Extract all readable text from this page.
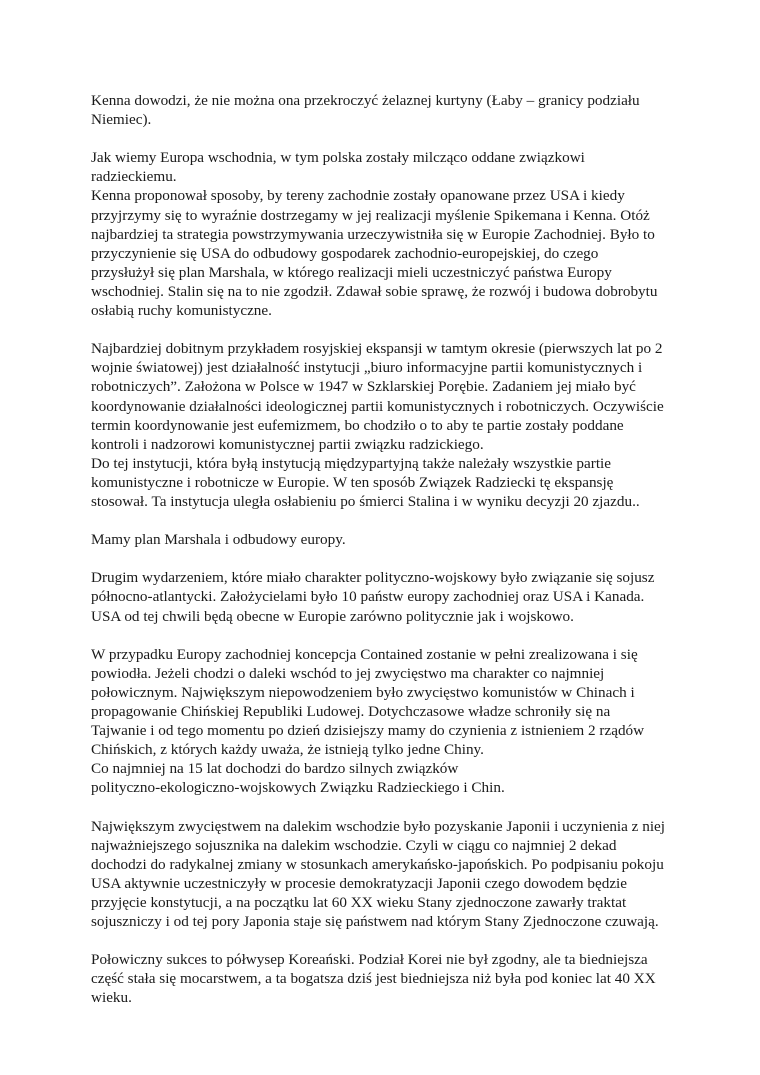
Kenna dowodzi, że nie można ona przekroczyć żelaznej kurtyny (Łaby – granicy podziału
Niemiec).
Jak wiemy Europa wschodnia, w tym polska zostały milcząco oddane związkowi
radzieckiemu.
Kenna proponował sposoby, by tereny zachodnie zostały opanowane przez USA i kiedy
przyjrzymy się to wyraźnie dostrzegamy w jej realizacji myślenie Spikemana i Kenna. Otóż
najbardziej ta strategia powstrzymywania urzeczywistniła się w Europie Zachodniej. Było to
przyczynienie się USA do odbudowy gospodarek zachodnio-europejskiej, do czego
przysłużył się plan Marshala, w którego realizacji mieli uczestniczyć państwa Europy
wschodniej. Stalin się na to nie zgodził. Zdawał sobie sprawę, że rozwój i budowa dobrobytu
osłabią ruchy komunistyczne.
Najbardziej dobitnym przykładem rosyjskiej ekspansji w tamtym okresie (pierwszych lat po 2
wojnie światowej) jest działalność instytucji „biuro informacyjne partii komunistycznych i
robotniczych”. Założona w Polsce w 1947 w Szklarskiej Porębie. Zadaniem jej miało być
koordynowanie działalności ideologicznej partii komunistycznych i robotniczych. Oczywiście
termin koordynowanie jest eufemizmem, bo chodziło o to aby te partie zostały poddane
kontroli i nadzorowi komunistycznej partii związku radzickiego.
Do tej instytucji, która byłą instytucją międzypartyjną także należały wszystkie partie
komunistyczne i robotnicze w Europie. W ten sposób Związek Radziecki tę ekspansję
stosował. Ta instytucja uległa osłabieniu po śmierci Stalina i w wyniku decyzji 20 zjazdu..
Mamy plan Marshala i odbudowy europy.
Drugim wydarzeniem, które miało charakter polityczno-wojskowy było związanie się sojusz
północno-atlantycki. Założycielami było 10 państw europy zachodniej oraz USA i Kanada.
USA od tej chwili będą obecne w Europie zarówno politycznie jak i wojskowo.
W przypadku Europy zachodniej koncepcja Contained zostanie w pełni zrealizowana i się
powiodła. Jeżeli chodzi o daleki wschód to jej zwycięstwo ma charakter co najmniej
połowicznym. Największym niepowodzeniem było zwycięstwo komunistów w Chinach i
propagowanie Chińskiej Republiki Ludowej. Dotychczasowe władze schroniły się na
Tajwanie i od tego momentu po dzień dzisiejszy mamy do czynienia z istnieniem 2 rządów
Chińskich, z których każdy uważa, że istnieją tylko jedne Chiny.
Co najmniej na 15 lat dochodzi do bardzo silnych związków
polityczno-ekologiczno-wojskowych Związku Radzieckiego i Chin.
Największym zwycięstwem na dalekim wschodzie było pozyskanie Japonii i uczynienia z niej
najważniejszego sojusznika na dalekim wschodzie. Czyli w ciągu co najmniej 2 dekad
dochodzi do radykalnej zmiany w stosunkach amerykańsko-japońskich. Po podpisaniu pokoju
USA aktywnie uczestniczyły w procesie demokratyzacji Japonii czego dowodem będzie
przyjęcie konstytucji, a na początku lat 60 XX wieku Stany zjednoczone zawarły traktat
sojuszniczy i od tej pory Japonia staje się państwem nad którym Stany Zjednoczone czuwają.
Połowiczny sukces to półwysep Koreański. Podział Korei nie był zgodny, ale ta biedniejsza
część stała się mocarstwem, a ta bogatsza dziś jest biedniejsza niż była pod koniec lat 40 XX
wieku.
